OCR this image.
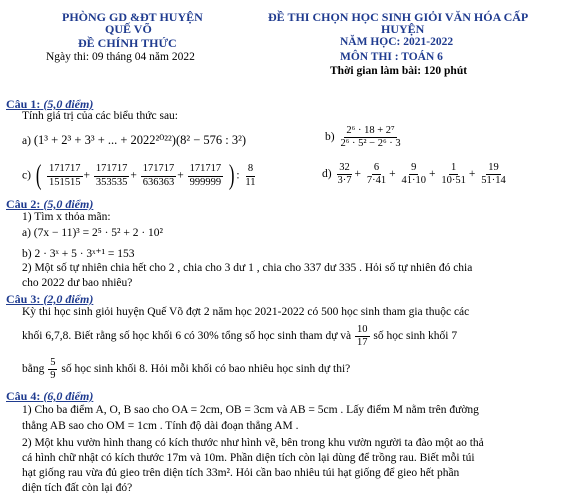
PHÒNG GD &ĐT HUYỆN
QUẾ VÕ
ĐỀ CHÍNH THỨC
Ngày thi: 09 tháng 04 năm 2022
ĐỀ THI CHỌN HỌC SINH GIỎI VĂN HÓA CẤP
HUYỆN
NĂM HỌC: 2021-2022
MÔN THI : TOÁN 6
Thời gian làm bài: 120 phút
Câu 1: (5,0 điểm)
Tính giá trị của các biểu thức sau:
a) (1³ + 2³ + 3³ + ... + 2022²⁰²²)(8² − 576 : 3²)	$b) \frac{\text{2⁶ · 18 + 2⁷}}{\text{2⁶ · 5² − 2⁶ · 3}}$
c) ( $\frac{171717}{151515} + \frac{171717}{353535} + \frac{171717}{636363} + \frac{171717}{999999}$ ) : $\frac{8}{11}$	$d) \frac{32}{3\cdot 7} + \frac{6}{7\cdot 41} + \frac{9}{41\cdot 10} + \frac{1}{10\cdot 51} + \frac{19}{51\cdot 14}$
Câu 2: (5,0 điểm)
1) Tìm x thỏa mãn:
a) (7x − 11)³ = 2⁵ · 5² + 2 · 10²
b) 2 · 3ˣ + 5 · 3ˣ⁺¹ = 153
2) Một số tự nhiên chia hết cho 2 , chia cho 3 dư 1 , chia cho 337 dư 335 . Hỏi số tự nhiên đó chia
cho 2022 dư bao nhiêu?
Câu 3: (2,0 điểm)
Kỳ thi học sinh giỏi huyện Quế Võ đợt 2 năm học 2021-2022 có 500 học sinh tham gia thuộc các
khối 6,7,8. Biết rằng số học khối 6 có 30% tổng số học sinh tham dự và $\frac{10}{17}$ số học sinh khối 7
bằng $\frac{5}{9}$ số học sinh khối 8. Hỏi mỗi khối có bao nhiêu học sinh dự thi?
Câu 4: (6,0 điểm)
1) Cho ba điểm A, O, B sao cho OA = 2cm, OB = 3cm và AB = 5cm . Lấy điểm M nằm trên đường
thẳng AB sao cho OM = 1cm . Tính độ dài đoạn thẳng AM .
2) Một khu vườn hình thang có kích thước như hình vẽ, bên trong khu vườn người ta đào một ao thả
cá hình chữ nhật có kích thước 17m và 10m. Phần diện tích còn lại dùng để trồng rau. Biết mỗi túi
hạt giống rau vừa đủ gieo trên diện tích 33m². Hỏi cần bao nhiêu túi hạt giống để gieo hết phần
diện tích đất còn lại đó?
